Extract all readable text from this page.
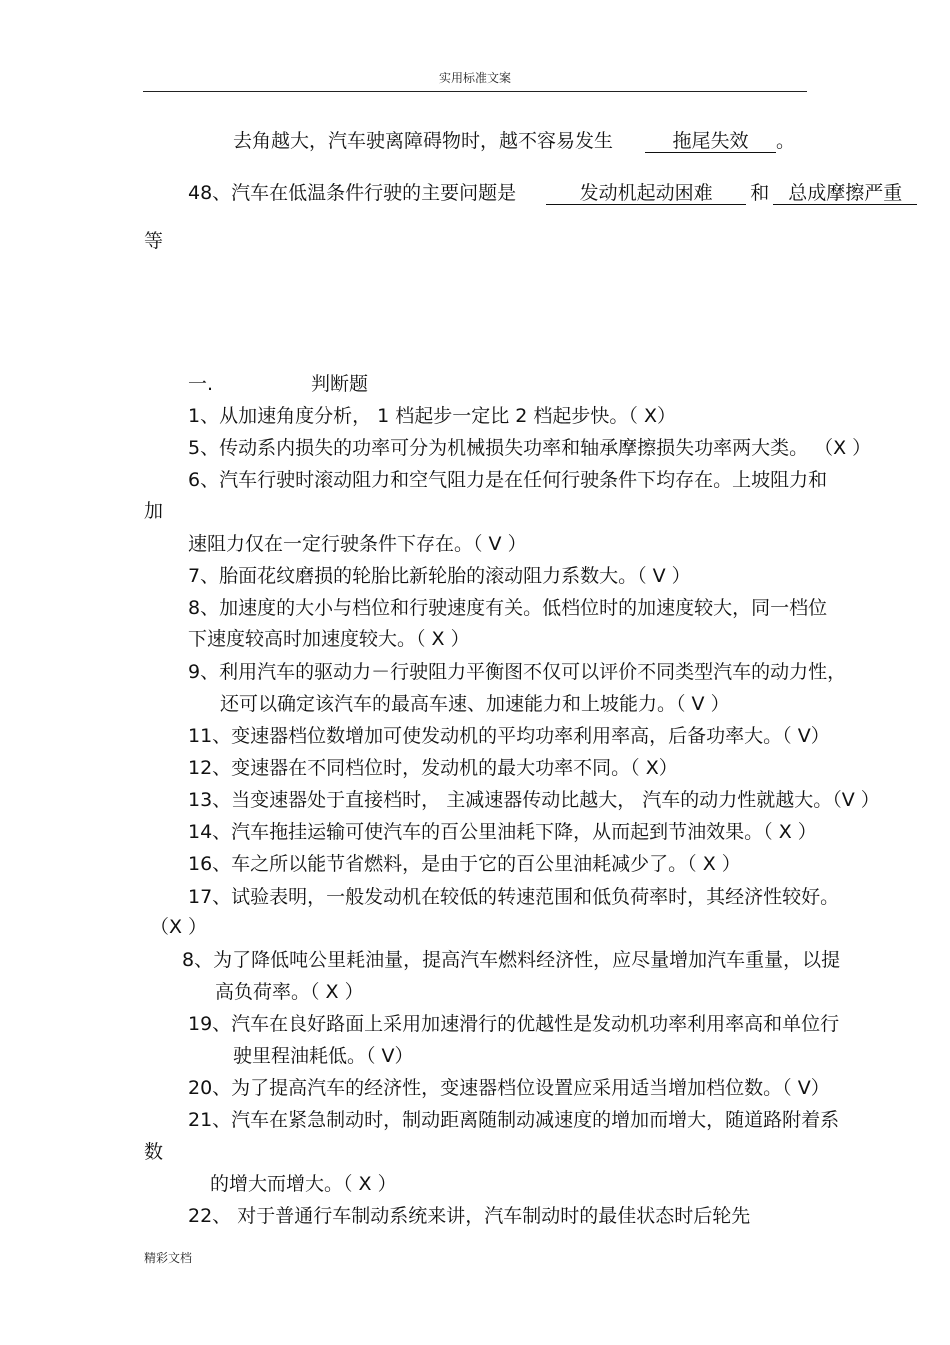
实用标准文案
去角越大，汽车驶离障碍物时，越不容易发生	拖尾失效 。
48、汽车在低温条件行驶的主要问题是	发动机起动困难 和 总成摩擦严重
等
一.	判断题
1、从加速角度分析， 1 档起步一定比 2 档起步快。（ X）
5、传动系内损失的功率可分为机械损失功率和轴承摩擦损失功率两大类。 （X ）
6、汽车行驶时滚动阻力和空气阻力是在任何行驶条件下均存在。上坡阻力和
加
速阻力仅在一定行驶条件下存在。（ V ）
7、胎面花纹磨损的轮胎比新轮胎的滚动阻力系数大。（ V ）
8、加速度的大小与档位和行驶速度有关。低档位时的加速度较大，同一档位
下速度较高时加速度较大。（ X ）
9、利用汽车的驱动力－行驶阻力平衡图不仅可以评价不同类型汽车的动力性，
还可以确定该汽车的最高车速、加速能力和上坡能力。（ V ）
11、变速器档位数增加可使发动机的平均功率利用率高，后备功率大。（ V）
12、变速器在不同档位时，发动机的最大功率不同。（ X）
13、当变速器处于直接档时， 主减速器传动比越大， 汽车的动力性就越大。（V ）
14、汽车拖挂运输可使汽车的百公里油耗下降，从而起到节油效果。（ X ）
16、车之所以能节省燃料，是由于它的百公里油耗减少了。（ X ）
17、试验表明，一般发动机在较低的转速范围和低负荷率时，其经济性较好。
（X ）
8、为了降低吨公里耗油量，提高汽车燃料经济性，应尽量增加汽车重量，以提
高负荷率。（ X ）
19、汽车在良好路面上采用加速滑行的优越性是发动机功率利用率高和单位行
驶里程油耗低。（ V）
20、为了提高汽车的经济性，变速器档位设置应采用适当增加档位数。（ V）
21、汽车在紧急制动时，制动距离随制动减速度的增加而增大，随道路附着系
数
的增大而增大。（ X ）
22、 对于普通行车制动系统来讲，汽车制动时的最佳状态时后轮先
精彩文档
